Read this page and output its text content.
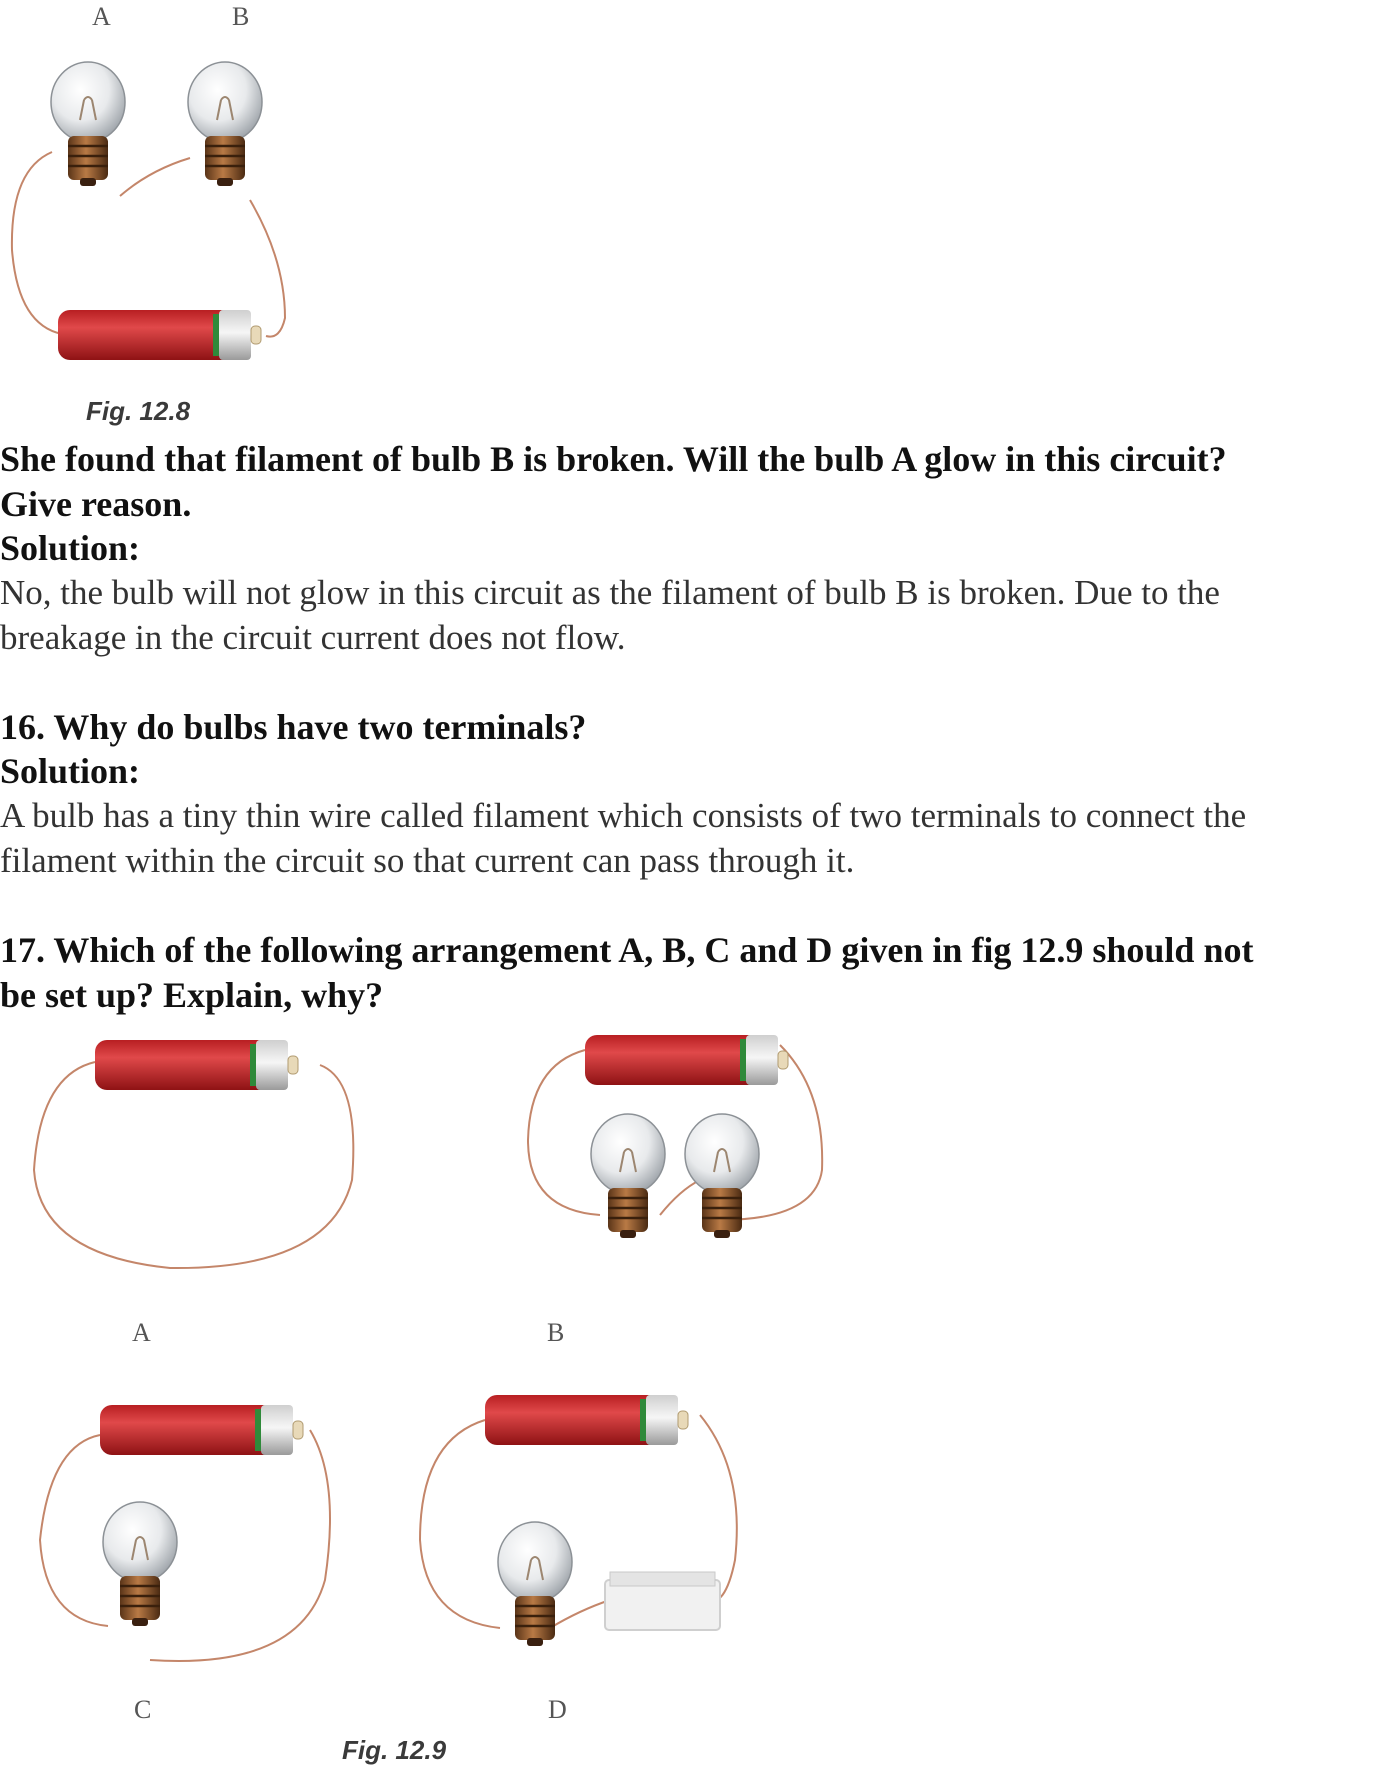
A	B
Fig. 12.8
She found that filament of bulb B is broken. Will the bulb A glow in this circuit?
Give reason.
Solution:
No, the bulb will not glow in this circuit as the filament of bulb B is broken. Due to the
breakage in the circuit current does not flow.
16. Why do bulbs have two terminals?
Solution:
A bulb has a tiny thin wire called filament which consists of two terminals to connect the
filament within the circuit so that current can pass through it.
17. Which of the following arrangement A, B, C and D given in fig 12.9 should not
be set up? Explain, why?
A	B
C	D
Fig. 12.9
